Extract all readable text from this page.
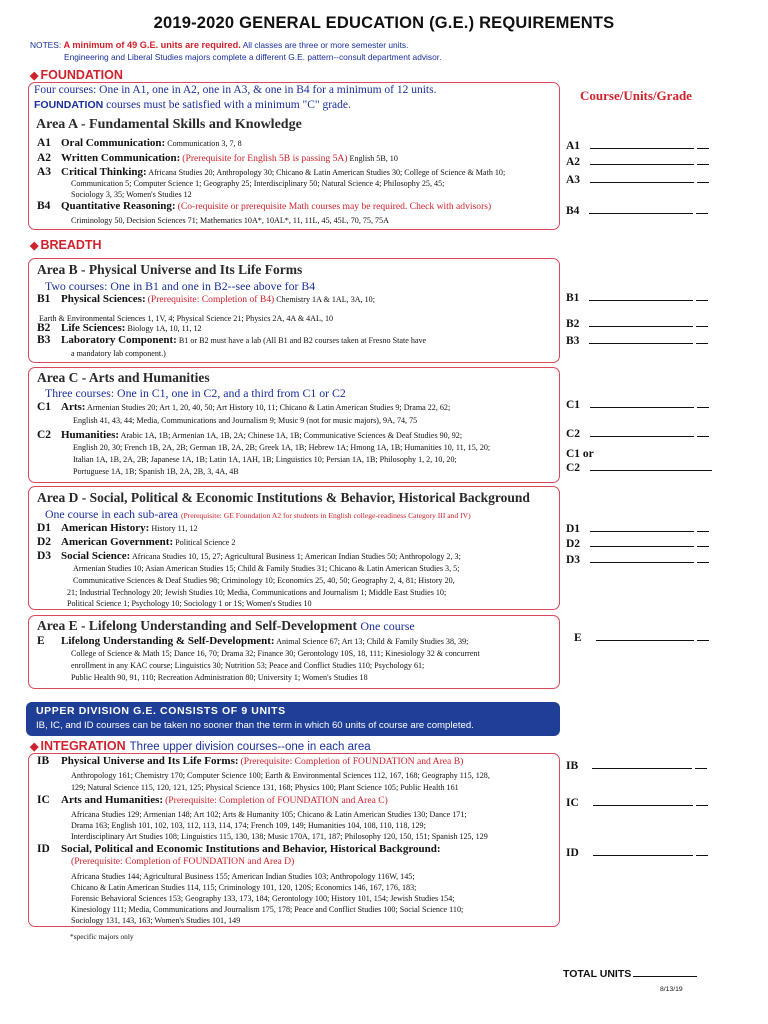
2019-2020 GENERAL EDUCATION (G.E.) REQUIREMENTS
NOTES: A minimum of 49 G.E. units are required. All classes are three or more semester units.
Engineering and Liberal Studies majors complete a different G.E. pattern--consult department advisor.
◆ FOUNDATION
Course/Units/Grade
Four courses: One in A1, one in A2, one in A3, & one in B4 for a minimum of 12 units.
FOUNDATION courses must be satisfied with a minimum "C" grade.
Area A - Fundamental Skills and Knowledge
A1 Oral Communication: Communication 3, 7, 8
A2 Written Communication: (Prerequisite for English 5B is passing 5A) English 5B, 10
A3 Critical Thinking: Africana Studies 20; Anthropology 30; Chicano & Latin American Studies 30; College of Science & Math 10;
Communication 5; Computer Science 1; Geography 25; Interdisciplinary 50; Natural Science 4; Philosophy 25, 45;
Sociology 3, 35; Women's Studies 12
B4 Quantitative Reasoning: (Co-requisite or prerequisite Math courses may be required. Check with advisors)
Criminology 50, Decision Sciences 71; Mathematics 10A*, 10AL*, 11, 11L, 45, 45L, 70, 75, 75A
◆ BREADTH
Area B - Physical Universe and Its Life Forms
Two courses: One in B1 and one in B2--see above for B4
B1 Physical Sciences: (Prerequisite: Completion of B4) Chemistry 1A & 1AL, 3A, 10;
Earth & Environmental Sciences 1, 1V, 4; Physical Science 21; Physics 2A, 4A & 4AL, 10
B2 Life Sciences: Biology 1A, 10, 11, 12
B3 Laboratory Component: B1 or B2 must have a lab (All B1 and B2 courses taken at Fresno State have
a mandatory lab component.)
Area C - Arts and Humanities
Three courses: One in C1, one in C2, and a third from C1 or C2
C1 Arts: Armenian Studies 20; Art 1, 20, 40, 50; Art History 10, 11; Chicano & Latin American Studies 9; Drama 22, 62;
English 41, 43, 44; Media, Communications and Journalism 9; Music 9 (not for music majors), 9A, 74, 75
C2 Humanities: Arabic 1A, 1B; Armenian 1A, 1B, 2A; Chinese 1A, 1B; Communicative Sciences & Deaf Studies 90, 92;
English 20, 30; French 1B, 2A, 2B; German 1B, 2A, 2B; Greek 1A, 1B; Hebrew 1A; Hmong 1A, 1B; Humanities 10, 11, 15, 20;
Italian 1A, 1B, 2A, 2B; Japanese 1A, 1B; Latin 1A, 1AH, 1B; Linguistics 10; Persian 1A, 1B; Philosophy 1, 2, 10, 20;
Portuguese 1A, 1B; Spanish 1B, 2A, 2B, 3, 4A, 4B
Area D - Social, Political & Economic Institutions & Behavior, Historical Background
One course in each sub-area (Prerequisite: GE Foundation A2 for students in English college-readiness Category III and IV)
D1 American History: History 11, 12
D2 American Government: Political Science 2
D3 Social Science: Africana Studies 10, 15, 27; Agricultural Business 1; American Indian Studies 50; Anthropology 2, 3;
Armenian Studies 10; Asian American Studies 15; Child & Family Studies 31; Chicano & Latin American Studies 3, 5;
Communicative Sciences & Deaf Studies 98; Criminology 10; Economics 25, 40, 50; Geography 2, 4, 81; History 20,
21; Industrial Technology 20; Jewish Studies 10; Media, Communications and Journalism 1; Middle East Studies 10;
Political Science 1; Psychology 10; Sociology 1 or 1S; Women's Studies 10
Area E - Lifelong Understanding and Self-Development One course
E Lifelong Understanding & Self-Development: Animal Science 67; Art 13; Child & Family Studies 38, 39;
College of Science & Math 15; Dance 16, 70; Drama 32; Finance 30; Gerontology 10S, 18, 111; Kinesiology 32 & concurrent
enrollment in any KAC course; Linguistics 30; Nutrition 53; Peace and Conflict Studies 110; Psychology 61;
Public Health 90, 91, 110; Recreation Administration 80; University 1; Women's Studies 18
UPPER DIVISION G.E. CONSISTS OF 9 UNITS
IB, IC, and ID courses can be taken no sooner than the term in which 60 units of course are completed.
◆ INTEGRATION Three upper division courses--one in each area
IB Physical Universe and Its Life Forms: (Prerequisite: Completion of FOUNDATION and Area B)
Anthropology 161; Chemistry 170; Computer Science 100; Earth & Environmental Sciences 112, 167, 168; Geography 115, 128,
129; Natural Science 115, 120, 121, 125; Physical Science 131, 168; Physics 100; Plant Science 105; Public Health 161
IC Arts and Humanities: (Prerequisite: Completion of FOUNDATION and Area C)
Africana Studies 129; Armenian 148; Art 102; Arts & Humanity 105; Chicano & Latin American Studies 130; Dance 171;
Drama 163; English 101, 102, 103, 112, 113, 114, 174; French 109, 149; Humanities 104, 108, 110, 118, 129;
Interdisciplinary Art Studies 108; Linguistics 115, 130, 138; Music 170A, 171, 187; Philosophy 120, 150, 151; Spanish 125, 129
ID Social, Political and Economic Institutions and Behavior, Historical Background:
(Prerequisite: Completion of FOUNDATION and Area D)
Africana Studies 144; Agricultural Business 155; American Indian Studies 103; Anthropology 116W, 145;
Chicano & Latin American Studies 114, 115; Criminology 101, 120, 120S; Economics 146, 167, 176, 183;
Forensic Behavioral Sciences 153; Geography 133, 173, 184; Gerontology 100; History 101, 154; Jewish Studies 154;
Kinesiology 111; Media, Communications and Journalism 175, 178; Peace and Conflict Studies 100; Social Science 110;
Sociology 131, 143, 163; Women's Studies 101, 149
*specific majors only
A1
A2
A3
B4
B1
B2
B3
C1
C2
C1 or
C2
D1
D2
D3
E
IB
IC
ID
TOTAL UNITS
8/13/19
